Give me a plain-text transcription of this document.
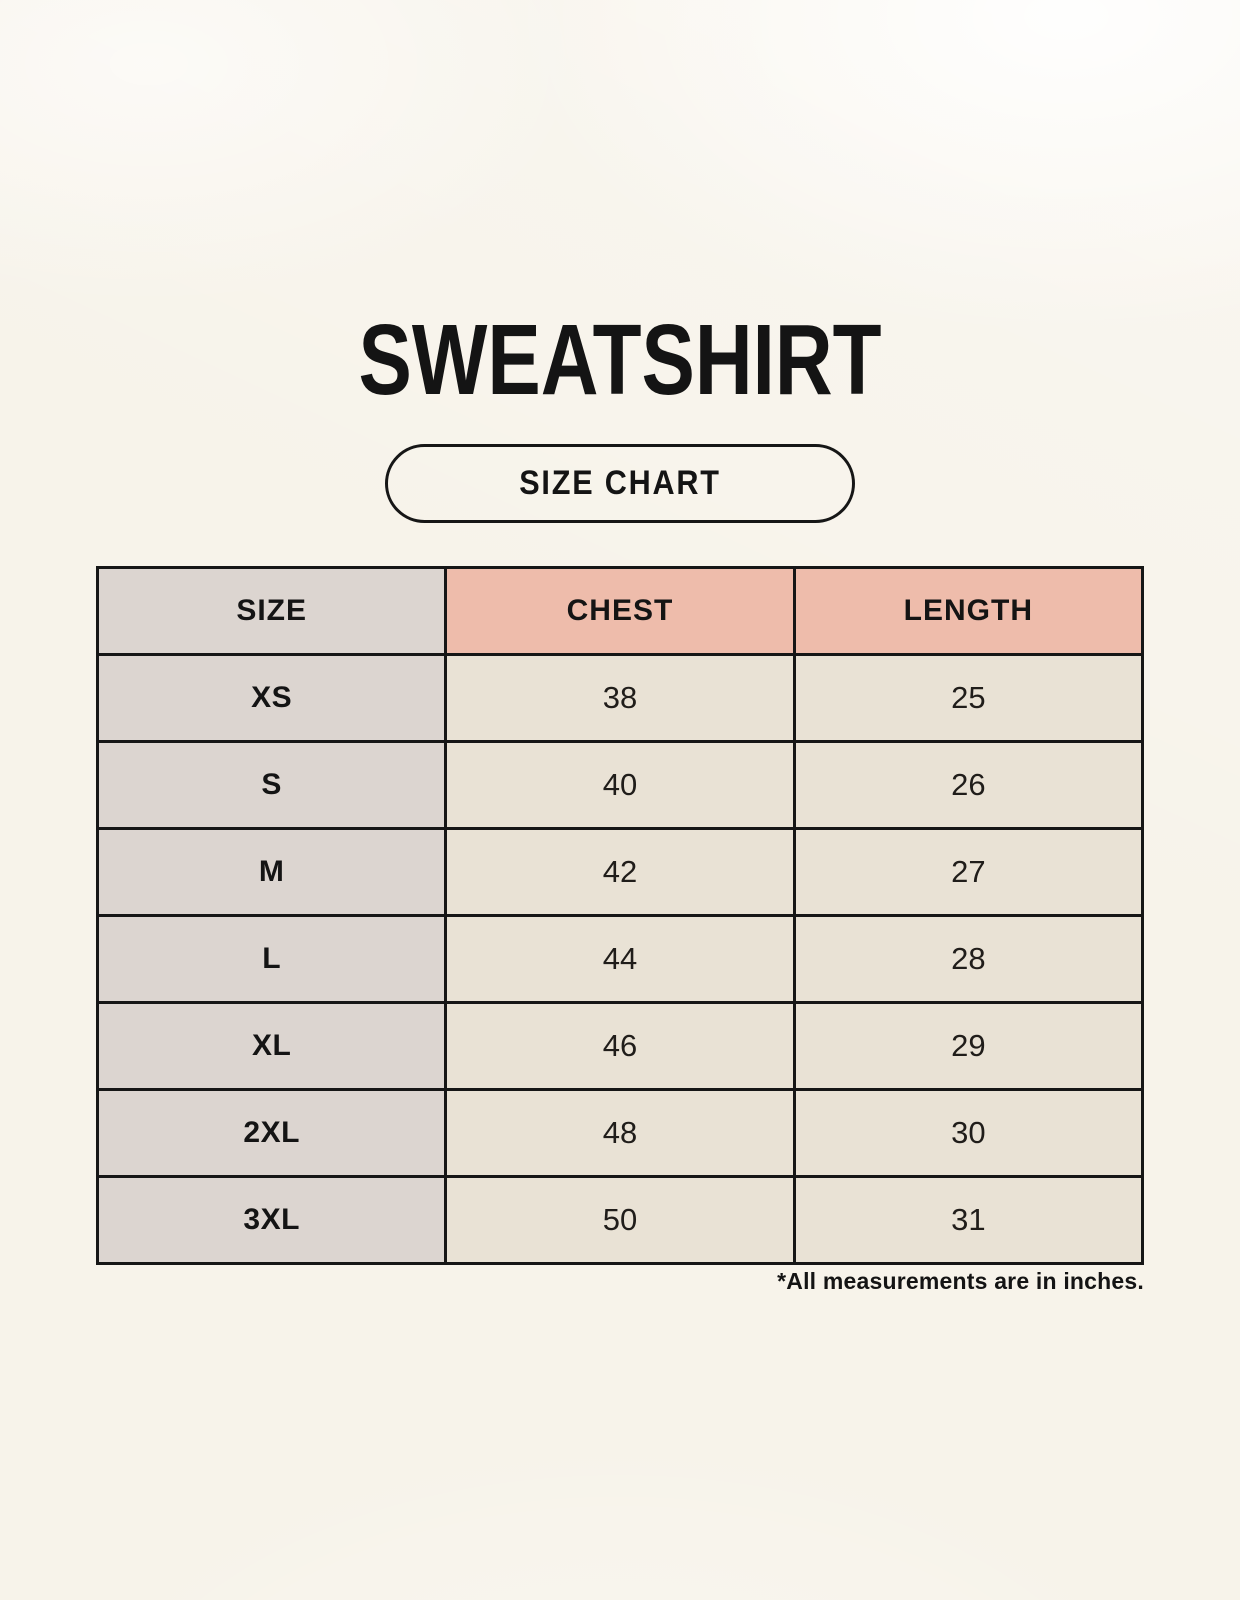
SWEATSHIRT
SIZE CHART
SIZE	CHEST	LENGTH
XS	38	25
S	40	26
M	42	27
L	44	28
XL	46	29
2XL	48	30
3XL	50	31
*All measurements are in inches.
